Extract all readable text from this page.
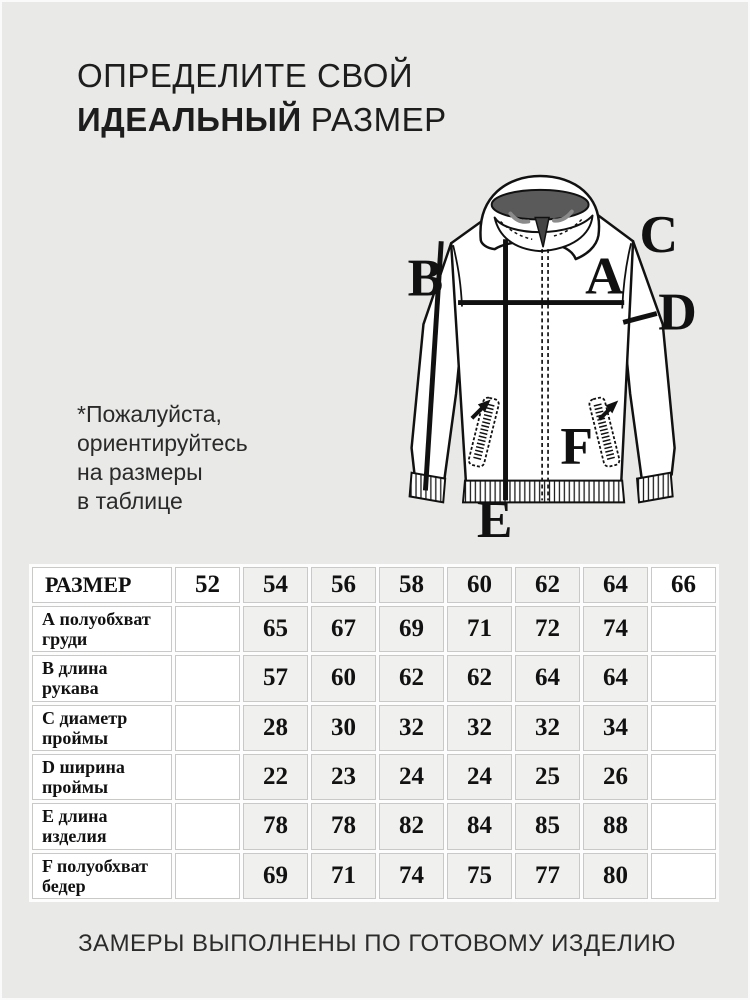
ОПРЕДЕЛИТЕ СВОЙ
ИДЕАЛЬНЫЙ РАЗМЕР
*Пожалуйста,
ориентируйтесь
на размеры
в таблице
A
B
C
D
E
F
РАЗМЕР	52	54	56	58	60	62	64	66
А полуобхват
груди		65	67	69	71	72	74	
В длина
рукава		57	60	62	62	64	64	
С диаметр
проймы		28	30	32	32	32	34	
D ширина
проймы		22	23	24	24	25	26	
Е длина
изделия		78	78	82	84	85	88	
F полуобхват
бедер		69	71	74	75	77	80	
ЗАМЕРЫ ВЫПОЛНЕНЫ ПО ГОТОВОМУ ИЗДЕЛИЮ
